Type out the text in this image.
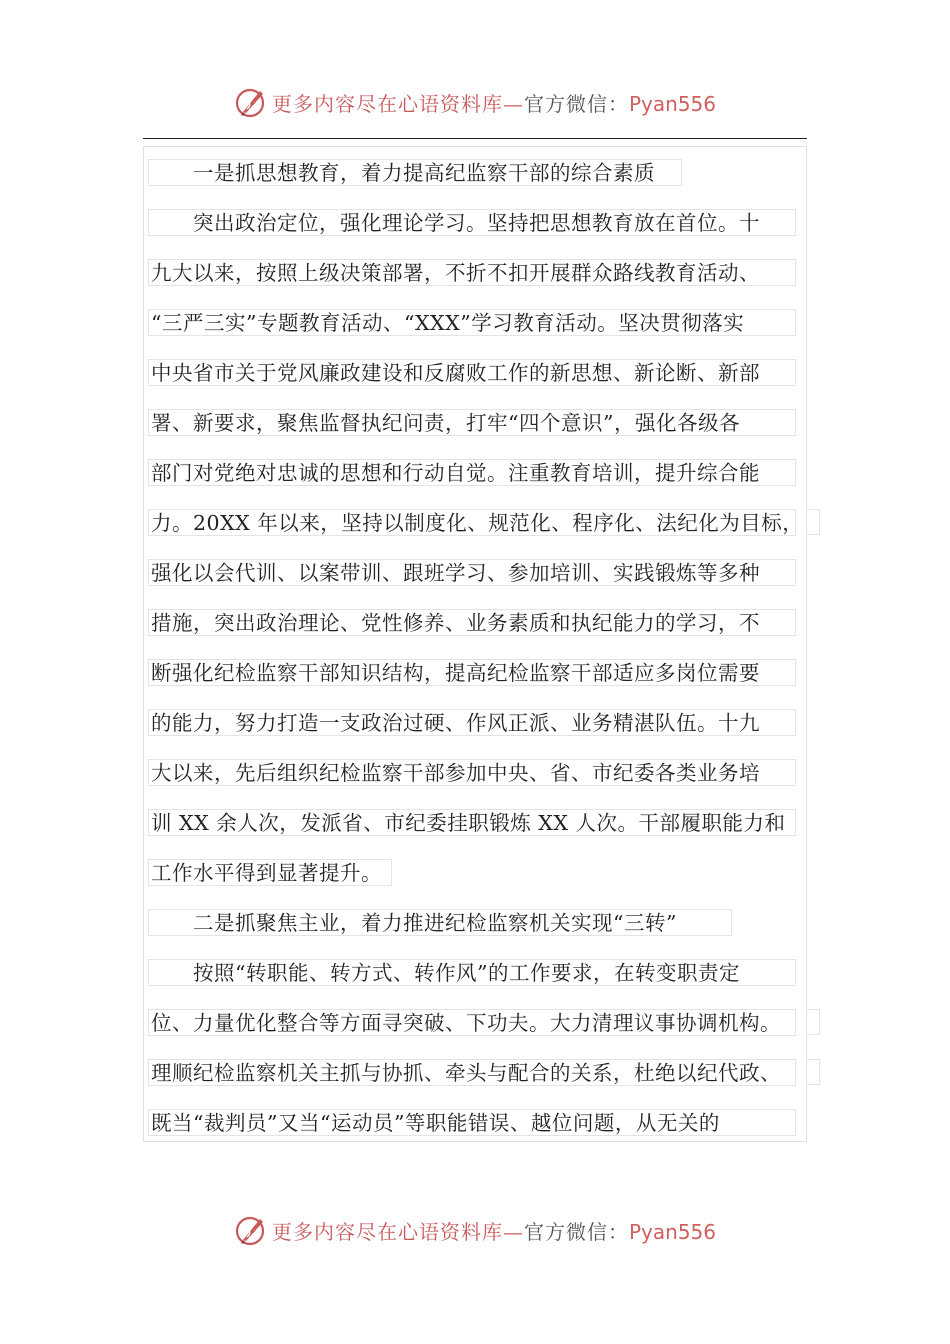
更多内容尽在心语资料库—官方微信：Pyan556
一是抓思想教育，着力提高纪监察干部的综合素质
突出政治定位，强化理论学习。坚持把思想教育放在首位。十
九大以来，按照上级决策部署，不折不扣开展群众路线教育活动、
“三严三实”专题教育活动、“XXX”学习教育活动。坚决贯彻落实
中央省市关于党风廉政建设和反腐败工作的新思想、新论断、新部
署、新要求，聚焦监督执纪问责，打牢“四个意识”，强化各级各
部门对党绝对忠诚的思想和行动自觉。注重教育培训，提升综合能
力。20XX 年以来，坚持以制度化、规范化、程序化、法纪化为目标，
强化以会代训、以案带训、跟班学习、参加培训、实践锻炼等多种
措施，突出政治理论、党性修养、业务素质和执纪能力的学习，不
断强化纪检监察干部知识结构，提高纪检监察干部适应多岗位需要
的能力，努力打造一支政治过硬、作风正派、业务精湛队伍。十九
大以来，先后组织纪检监察干部参加中央、省、市纪委各类业务培
训 XX 余人次，发派省、市纪委挂职锻炼 XX 人次。干部履职能力和
工作水平得到显著提升。
二是抓聚焦主业，着力推进纪检监察机关实现“三转”
按照“转职能、转方式、转作风”的工作要求，在转变职责定
位、力量优化整合等方面寻突破、下功夫。大力清理议事协调机构。
理顺纪检监察机关主抓与协抓、牵头与配合的关系，杜绝以纪代政、
既当“裁判员”又当“运动员”等职能错误、越位问题，从无关的
更多内容尽在心语资料库—官方微信：Pyan556
